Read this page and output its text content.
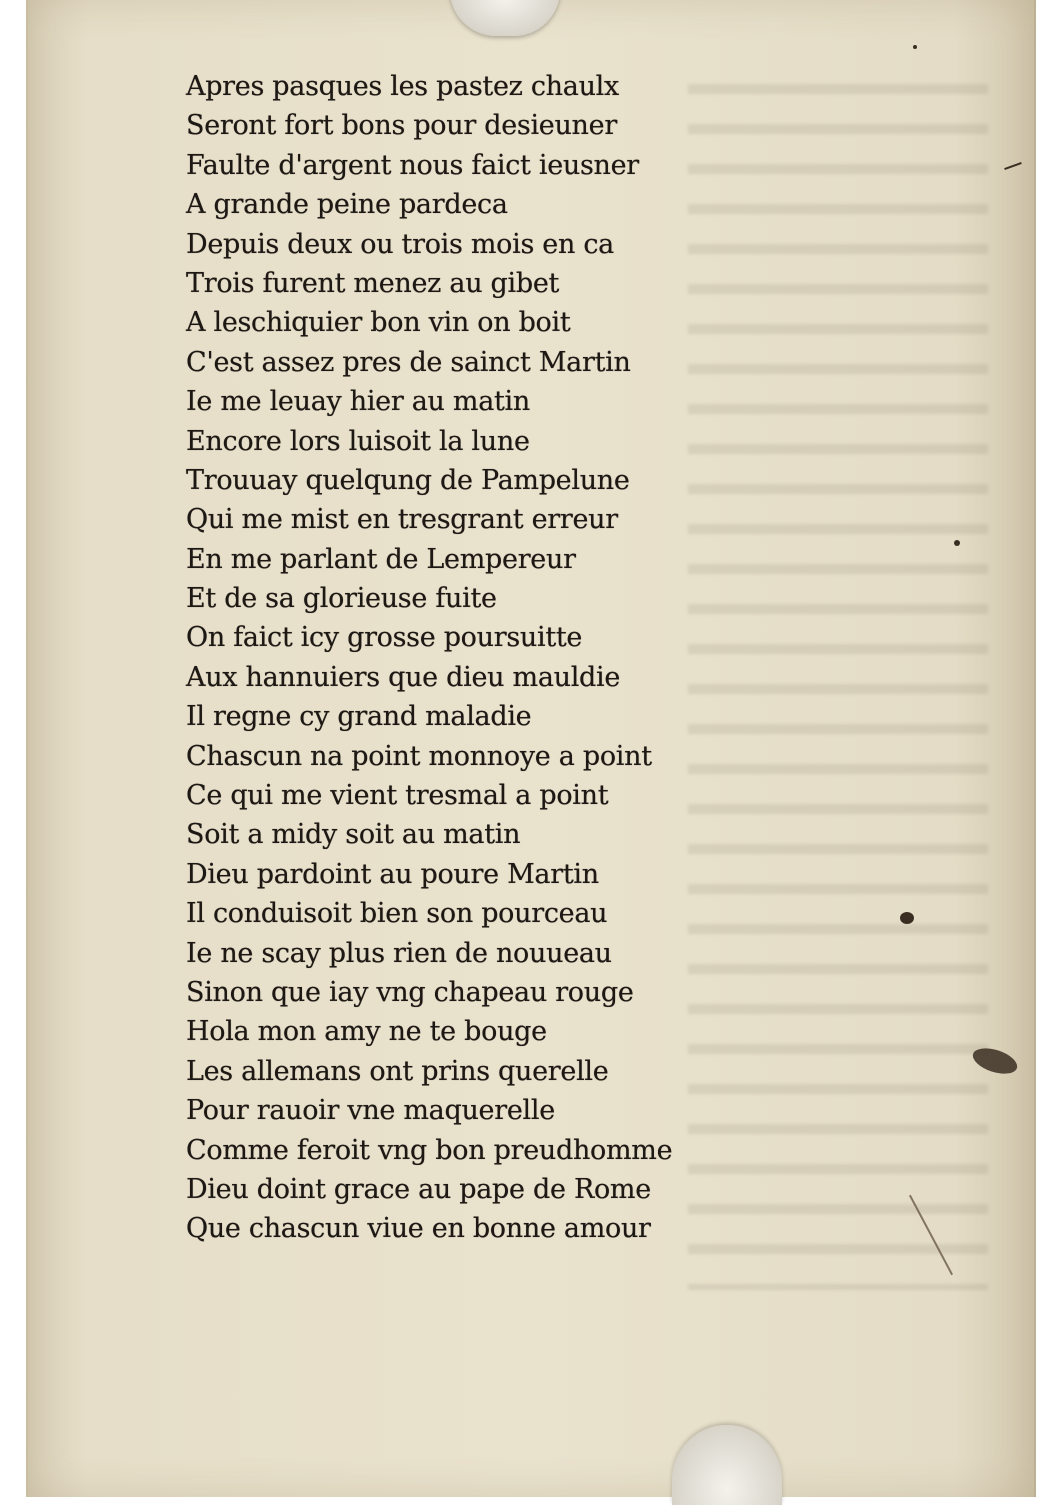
Apres pasques les pastez chaulx
Seront fort bons pour desieuner
Faulte d'argent nous faict ieusner
A grande peine pardeca
Depuis deux ou trois mois en ca
Trois furent menez au gibet
A leschiquier bon vin on boit
C'est assez pres de sainct Martin
Ie me leuay hier au matin
Encore lors luisoit la lune
Trouuay quelqung de Pampelune
Qui me mist en tresgrant erreur
En me parlant de Lempereur
Et de sa glorieuse fuite
On faict icy grosse poursuitte
Aux hannuiers que dieu mauldie
Il regne cy grand maladie
Chascun na point monnoye a point
Ce qui me vient tresmal a point
Soit a midy soit au matin
Dieu pardoint au poure Martin
Il conduisoit bien son pourceau
Ie ne scay plus rien de nouueau
Sinon que iay vng chapeau rouge
Hola mon amy ne te bouge
Les allemans ont prins querelle
Pour rauoir vne maquerelle
Comme feroit vng bon preudhomme
Dieu doint grace au pape de Rome
Que chascun viue en bonne amour
